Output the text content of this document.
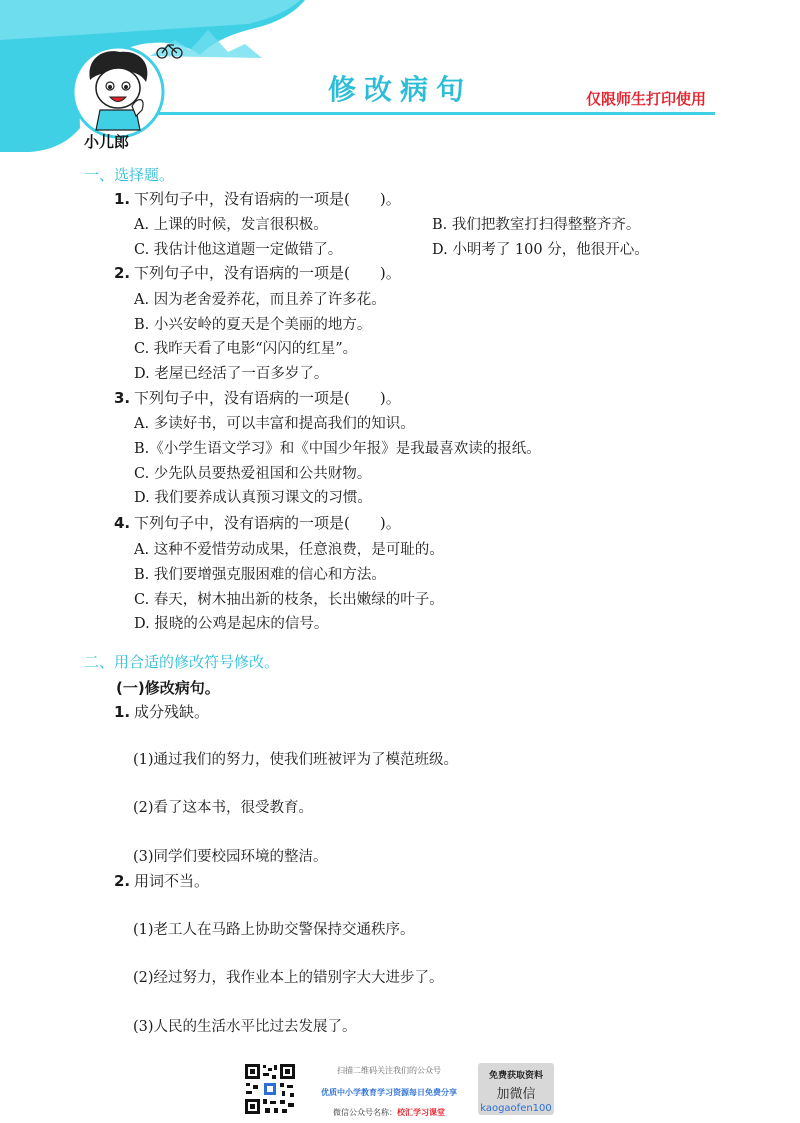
修改病句	仅限师生打印使用
小儿郎
一、选择题。
1. 下列句子中，没有语病的一项是(　　)。
A. 上课的时候，发言很积极。	B. 我们把教室打扫得整整齐齐。
C. 我估计他这道题一定做错了。	D. 小明考了 100 分，他很开心。
2. 下列句子中，没有语病的一项是(　　)。
A. 因为老舍爱养花，而且养了许多花。
B. 小兴安岭的夏天是个美丽的地方。
C. 我昨天看了电影“闪闪的红星”。
D. 老屋已经活了一百多岁了。
3. 下列句子中，没有语病的一项是(　　)。
A. 多读好书，可以丰富和提高我们的知识。
B.《小学生语文学习》和《中国少年报》是我最喜欢读的报纸。
C. 少先队员要热爱祖国和公共财物。
D. 我们要养成认真预习课文的习惯。
4. 下列句子中，没有语病的一项是(　　)。
A. 这种不爱惜劳动成果，任意浪费，是可耻的。
B. 我们要增强克服困难的信心和方法。
C. 春天，树木抽出新的枝条，长出嫩绿的叶子。
D. 报晓的公鸡是起床的信号。
二、用合适的修改符号修改。
(一)修改病句。
1. 成分残缺。
(1)通过我们的努力，使我们班被评为了模范班级。
(2)看了这本书，很受教育。
(3)同学们要校园环境的整洁。
2. 用词不当。
(1)老工人在马路上协助交警保持交通秩序。
(2)经过努力，我作业本上的错别字大大进步了。
(3)人民的生活水平比过去发展了。
扫描二维码关注我们的公众号
优质中小学教育学习资源每日免费分享
微信公众号名称：校汇学习课堂
免费获取资料
加微信
kaogaofen100
